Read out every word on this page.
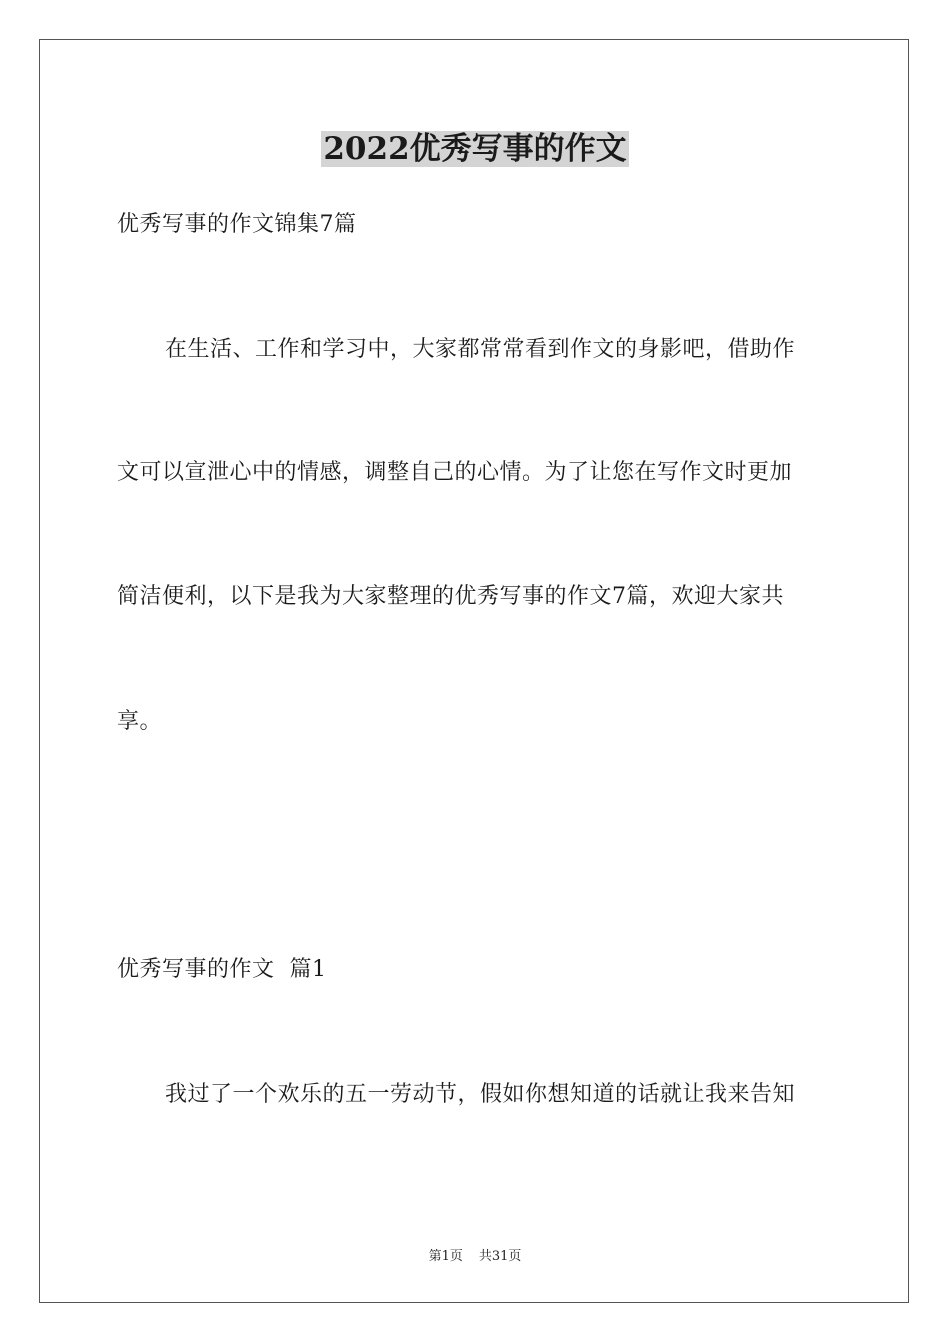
2022优秀写事的作文

优秀写事的作文锦集7篇

在生活、工作和学习中，大家都常常看到作文的身影吧，借助作

文可以宣泄心中的情感，调整自己的心情。为了让您在写作文时更加

简洁便利，以下是我为大家整理的优秀写事的作文7篇，欢迎大家共

享。

优秀写事的作文  篇1

我过了一个欢乐的五一劳动节，假如你想知道的话就让我来告知

第1页 共31页
